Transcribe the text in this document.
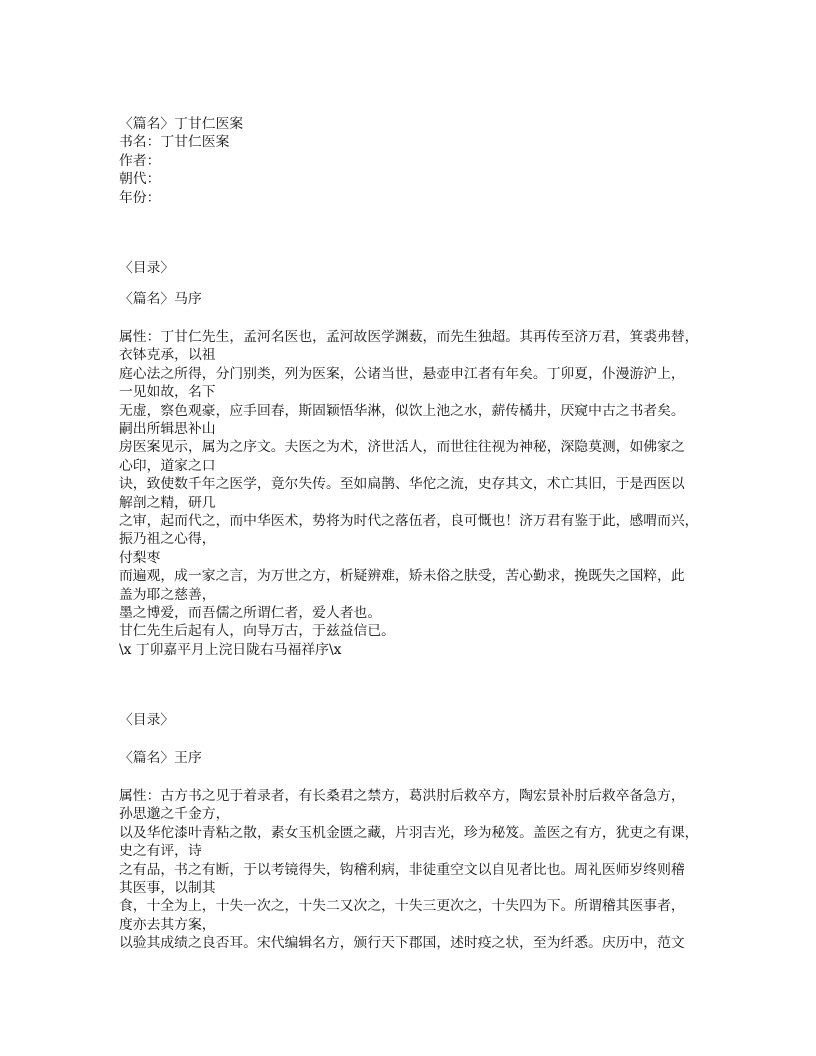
〈篇名〉丁甘仁医案
书名：丁甘仁医案
作者：
朝代：
年份：
〈目录〉
〈篇名〉马序
属性：丁甘仁先生，孟河名医也，孟河故医学渊薮，而先生独超。其再传至济万君，箕裘弗替，
衣钵克承，以祖
庭心法之所得，分门别类，列为医案，公诸当世，悬壶申江者有年矣。丁卯夏，仆漫游沪上，
一见如故，名下
无虚，察色观豪，应手回春，斯固颖悟华淋，似饮上池之水，薪传橘井，厌窥中古之书者矣。
嗣出所辑思补山
房医案见示，属为之序文。夫医之为术，济世活人，而世往往视为神秘，深隐莫测，如佛家之
心印，道家之口
诀，致使数千年之医学，竟尔失传。至如扁鹊、华佗之流，史存其文，术亡其旧，于是西医以
解剖之精，研几
之审，起而代之，而中华医术，势将为时代之落伍者，良可慨也！济万君有鉴于此，感喟而兴，
振乃祖之心得，
付梨枣
而遍观，成一家之言，为万世之方，析疑辨难，矫未俗之肤受，苦心勤求，挽既失之国粹，此
盖为耶之慈善，
墨之博爱，而吾儒之所谓仁者，爱人者也。
甘仁先生后起有人，向导万古，于兹益信已。
\x 丁卯嘉平月上浣日陇右马福祥序\x
〈目录〉
〈篇名〉王序
属性：古方书之见于着录者，有长桑君之禁方，葛洪肘后救卒方，陶宏景补肘后救卒备急方，
孙思邈之千金方，
以及华佗漆叶青粘之散，素女玉机金匮之藏，片羽吉光，珍为秘笈。盖医之有方，犹吏之有课，
史之有评，诗
之有品，书之有断，于以考镜得失，钩稽利病，非徒重空文以自见者比也。周礼医师岁终则稽
其医事，以制其
食，十全为上，十失一次之，十失二又次之，十失三更次之，十失四为下。所谓稽其医事者，
度亦去其方案，
以验其成绩之良否耳。宋代编辑名方，颁行天下郡国，述时疫之状，至为纤悉。庆历中，范文
